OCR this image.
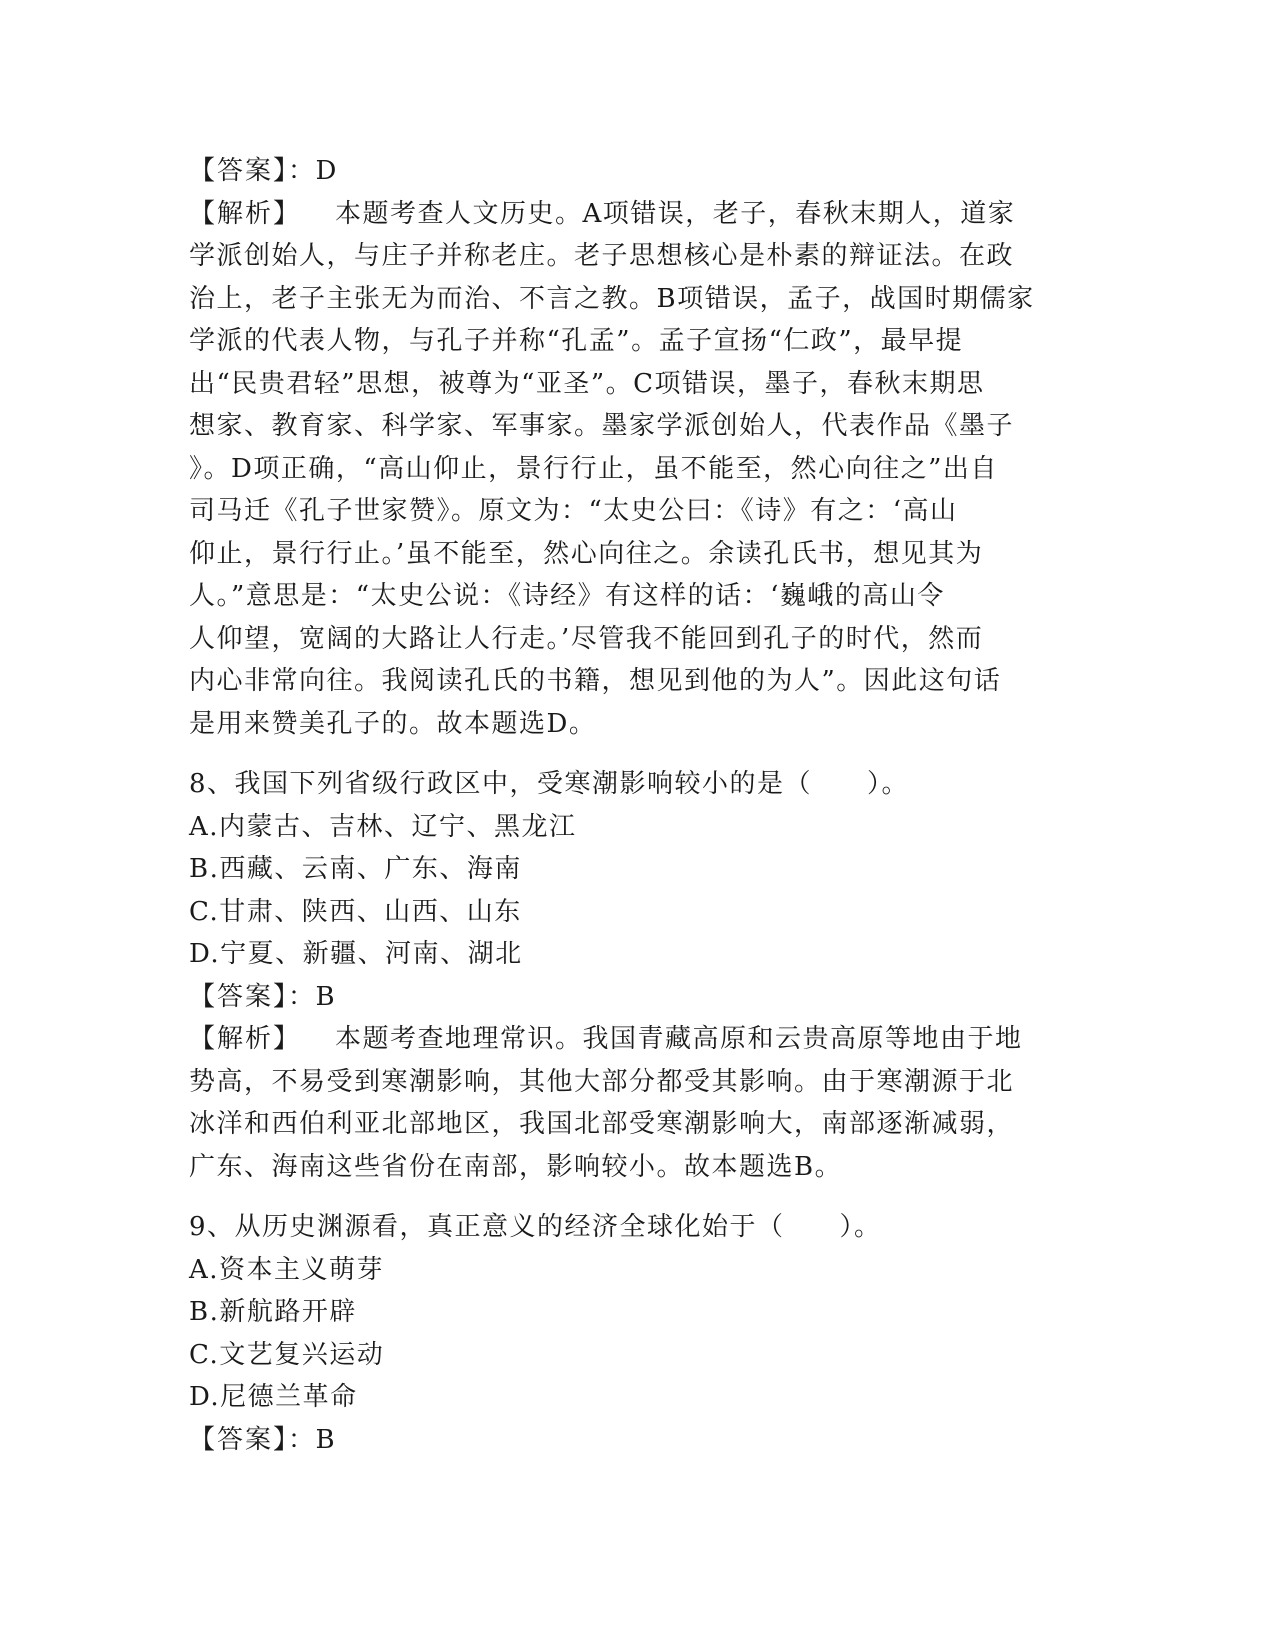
【答案】：D
【解析】 本题考查人文历史。A项错误，老子，春秋末期人，道家
学派创始人，与庄子并称老庄。老子思想核心是朴素的辩证法。在政
治上，老子主张无为而治、不言之教。B项错误，孟子，战国时期儒家
学派的代表人物，与孔子并称“孔孟”。孟子宣扬“仁政”，最早提
出“民贵君轻”思想，被尊为“亚圣”。C项错误，墨子，春秋末期思
想家、教育家、科学家、军事家。墨家学派创始人，代表作品《墨子
》。D项正确，“高山仰止，景行行止，虽不能至，然心向往之”出自
司马迁《孔子世家赞》。原文为：“太史公曰：《诗》有之：‘高山
仰止，景行行止。’虽不能至，然心向往之。余读孔氏书，想见其为
人。”意思是：“太史公说：《诗经》有这样的话：‘巍峨的高山令
人仰望，宽阔的大路让人行走。’尽管我不能回到孔子的时代，然而
内心非常向往。我阅读孔氏的书籍，想见到他的为人”。因此这句话
是用来赞美孔子的。故本题选D。
8、我国下列省级行政区中，受寒潮影响较小的是（　　）。
A.内蒙古、吉林、辽宁、黑龙江
B.西藏、云南、广东、海南
C.甘肃、陕西、山西、山东
D.宁夏、新疆、河南、湖北
【答案】：B
【解析】 本题考查地理常识。我国青藏高原和云贵高原等地由于地
势高，不易受到寒潮影响，其他大部分都受其影响。由于寒潮源于北
冰洋和西伯利亚北部地区，我国北部受寒潮影响大，南部逐渐减弱，
广东、海南这些省份在南部，影响较小。故本题选B。
9、从历史渊源看，真正意义的经济全球化始于（　　）。
A.资本主义萌芽
B.新航路开辟
C.文艺复兴运动
D.尼德兰革命
【答案】：B
